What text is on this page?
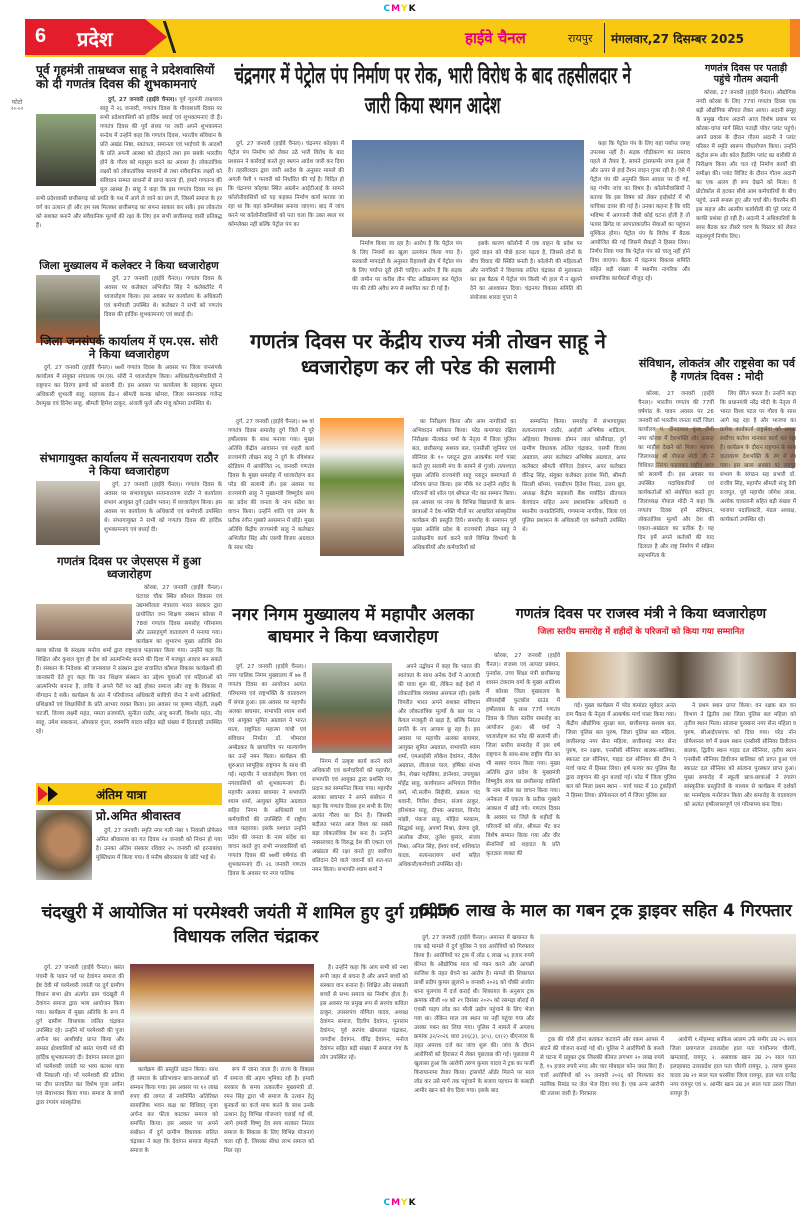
CMYK
6 प्रदेश	हाईवे चैनल	रायपुर मंगलवार,27 दिसम्बर 2025
फोटो
२०-०२
पूर्व गृहमंत्री ताम्रध्वज साहू ने प्रदेशवासियों को दी गणतंत्र दिवस की शुभकामनाएं

दुर्ग, 27 जनवरी (हाईवे चैनल)। पूर्व गृहमंत्री ताम्रध्वज साहू ने २६ जनवरी, गणतंत्र दिवस के गौरवशाली दिवस पर सभी प्रदेशवासियों को हार्दिक बधाई एवं शुभकामनाएं दी हैं। गणतंत्र दिवस की पूर्व संध्या पर जारी अपने शुभकामना सन्देश में उन्होंने कहा कि गणतंत्र दिवस, भारतीय संविधान के प्रति अखंड निष्ठा, स्वतंत्रता, समानता एवं भाईचारे के आदर्शों के प्रति अपनी आस्था को दोहराने तथा हम सबके भारतीय होने के गौरव को महसूस करने का अवसर है। लोकतांत्रिक लक्ष्यों को लोकतांत्रिक माध्यमों से तथा संवैधानिक लक्ष्यों को संविधान सम्मत साधनों से प्राप्त करना ही, हमारे गणतन्त्र की मूल आस्था है। साहू ने कहा कि इस गणतंत्र दिवस पर हम सभी प्रदेशवासी छत्तीसगढ़ को प्रगति के पथ में आगे ले जाने का प्रण लें, जिसमें समाज के हर वर्ग का उत्थान हो और हम सब मिलकर छत्तीसगढ़ का सपना साकार कर सकें। इस लोकतंत्र को सशक्त बनाने और संवैधानिक मूल्यों की रक्षा के लिए हम सभी छत्तीसगढ़ वासी प्रतिबद्ध हैं।

जिला मुख्यालय में कलेक्टर ने किया ध्वजारोहण

दुर्ग, 27 जनवरी (हाईवे चैनल)। गणतंत्र दिवस के अवसर पर कलेक्टर अभिजीत सिंह ने कलेक्टोरेट में ध्वजारोहण किया। इस अवसर पर कार्यालय के अधिकारी एवं कर्मचारी उपस्थित थे। कलेक्टर ने सभी को गणतंत्र दिवस की हार्दिक शुभकामनाएं एवं बधाई दी।

जिला जनसंपर्क कार्यालय में एम.एस. सोरी ने किया ध्वजारोहण

दुर्ग, 27 जनवरी (हाईवे चैनल)। ७७वें गणतंत्र दिवस के अवसर पर जिला जनसंपर्क कार्यालय में संयुक्त संचालक एम.एस. सोरी ने ध्वजारोहण किया। अधिकारी/कर्मचारियों ने राष्ट्रगान कर तिरंगा झण्डे को सलामी दी। इस अवसर पर कार्यालय के सहायक सूचना अधिकारी शुभाली साहू, सहायक ग्रेड-२ श्रीमती कनक कोमरा, जिला समन्वयक गजेन्द्र देशमुख एवं दिनेश साहू, श्रीमती हिमेश ठाकुर, अंजली फूले और मंजू कोमरा उपस्थित थे।

संभागायुक्त कार्यालय में सत्यनारायण राठौर ने किया ध्वजारोहण

दुर्ग, 27 जनवरी (हाईवे चैनल)। गणतंत्र दिवस के अवसर पर संभागायुक्त सत्यनारायण राठौर ने कार्यालय संभाग आयुक्त दुर्ग (उद्योग भवन) में ध्वजारोहण किया। इस अवसर पर कार्यालय के अधिकारी एवं कर्मचारी उपस्थित थे। संभागायुक्त ने सभी को गणतंत्र दिवस की हार्दिक शुभकामनाएं एवं बधाई दी।

गणतंत्र दिवस पर जेएसएस में हुआ ध्वजारोहण

कोरबा, 27 जनवरी (हाईवे चैनल)। घंटाघर चौक स्थित कौशल विकास एवं उद्यमशीलता मंत्रालय भारत सरकार द्वारा प्रायोजित जन शिक्षण संस्थान कोरबा में 78वां गणतंत्र दिवस समारोह गरिमामय और उत्साहपूर्ण वातावरण में मनाया गया। कार्यक्रम का शुभारंभ मुख्य अतिथि प्रेस क्लब कोरबा के संरक्षक मनोज शर्मा द्वारा राष्ट्रध्वज फहराकर किया गया। उन्होंने कहा कि शिक्षित और कुशल युवा ही देश को आत्मनिर्भर बनाने की दिशा में मजबूत आधार बन सकते हैं। संस्थान के निदेशक श्री जानस्वाल ने संस्थान द्वारा संचालित कौशल विकास कार्यक्रमों की जानकारी देते हुए कहा कि जन शिक्षण संस्थान का उद्देश्य युवाओं एवं महिलाओं को आत्मनिर्भर बनाना है, ताकि वे अपने पैरों पर खड़े होकर समाज और राष्ट्र के विकास में योगदान दे सकें। कार्यक्रम के अंत में परियोजना अधिकारी सावित्री जेना ने सभी अतिथियों, प्रशिक्षकों एवं शिक्षार्थियों के प्रति आभार व्यक्त किया। इस अवसर पर कृष्णा मोहंती, लक्ष्मी चटर्जी, विजय लक्ष्मी महंत, ममता प्रजापति, सुनीता राठौर, अंजू बनर्जी, किशोर महंत, नोंद साहू, उमेश मकवाना, ओमकार गुप्ता, रुक्मणि यादव सहित बड़ी संख्या में हितग्राही उपस्थित रहे।

अंतिम यात्रा
प्रो.अमित श्रीवास्तव

दुर्ग, 27 जनवरी। स्मृति नगर गली नंबर ९ निवासी प्रोफेसर अमित श्रीवास्तव का गत दिवस २४ जनवरी को निधन हो गया है। उनका अंतिम संस्कार रविवार २५ जनवरी को हरनाबांधा मुक्तिधाम में किया गया। वे मनीष श्रीवास्तव के छोटे भाई थे।

चंद्रनगर में पेट्रोल पंप निर्माण पर रोक, भारी विरोध के बाद तहसीलदार ने जारी किया स्थगन आदेश

दुर्ग, 27 जनवरी (हाईवे चैनल)। चंद्रनगर कोहका में पेट्रोल पंप निर्माण को लेकर उठे भारी विरोध के बाद प्रशासन ने कार्रवाई करते हुए स्थगन आदेश जारी कर दिया है। तहसीलदार द्वारा जारी आदेश के अनुसार मामले की अगली पेशी ९ फरवरी को निर्धारित की गई है। विदित हो कि चंद्रनगर कोहका स्थित अग्रसेन आईटीआई के सामने कॉलोनीवासियों को यह कहकर निर्माण कार्य कराया जा रहा था कि यहां कॉम्प्लेक्स बनाया जाएगा। बाद में जांच करने पर कॉलोनीवासियों को पता चला कि उक्त स्थल पर कॉम्प्लेक्स नहीं बल्कि पेट्रोल पंप का

निर्माण किया जा रहा है। आरोप है कि पेट्रोल पंप के लिए नियमों का खुला उल्लंघन किया गया है। सरकारी मापदंडों के अनुसार रिहायशी क्षेत्र में पेट्रोल पंप के लिए पर्याप्त दूरी होनी चाहिए। आरोप है कि सड़क की जमीन पर करीब तीन फीट अतिक्रमण कर पेट्रोल पंप की टंकी अवैध रूप से स्थापित कर दी गई है।

इसके कारण कॉलोनी में एक वाहन के प्रवेश पर दूसरे वाहन को पीछे हटना पड़ता है, जिससे दोनों के बीच विवाद की स्थिति बनती है। कॉलोनी की महिलाओं और नागरिकों ने विधायक ललित चंद्राकर से मुलाकात कर इस बैठक में पेट्रोल पंप किसी भी हाल में न खुलने देने का आश्वासन दिया। चंद्रनगर विकास समिति की संयोजक शारदा गुप्ता ने

कहा कि पेट्रोल पंप के लिए यहां पर्याप्त जगह उपलब्ध नहीं है। सड़क चौड़ीकरण का प्रस्ताव पहले से तैयार है, सामने ट्रांसफार्मर लगा हुआ है और ऊपर से हाई टेंशन लाइन गुजर रही है। ऐसे में पेट्रोल पंप की अनुमति किस आधार पर दी गई, यह गंभीर जांच का विषय है। कॉलोनीवासियों ने बताया कि इस विषय को लेकर हाईकोर्ट में भी याचिका दायर की गई है। उनका कहना है कि यदि भविष्य में आगजनी जैसी कोई घटना होती है तो फायर ब्रिगेड या आपातकालीन सेवाओं का पहुंचना मुश्किल होगा। पेट्रोल पंप के विरोध में बैठक आयोजित की गई जिसमें सैकड़ों ने हिस्सा लिया। निर्णय लिया गया कि पेट्रोल पंप को चालू नहीं होने दिया जाएगा। बैठक में चंद्रनगर विकास समिति सहित बड़ी संख्या में स्थानीय नागरिक और सामाजिक कार्यकर्ता मौजूद रहे।

गणतंत्र दिवस पर पताड़ी पहुंचे गौतम अदानी

कोरबा, 27 जनवरी (हाईवे चैनल)। औद्योगिक नगरी कोरबा के लिए 77वां गणतंत्र दिवस एक बड़ी औद्योगिक सौगात लेकर आया। अदानी समूह के प्रमुख गौतम अदानी आज विशेष प्रवास पर कोरबा-चांपा मार्ग स्थित पताड़ी पॉवर प्लांट पहुंचे। अपने प्रवास के दौरान गौतम अदानी ने प्लांट परिसर में स्मृति स्वरूप पौधारोपण किया। उन्होंने कंट्रोल रूम और कोल हैंडलिंग प्लांट का बारीकी से निरीक्षण किया और चल रहे निर्माण कार्यों की समीक्षा की। प्लांट विजिट के दौरान गौतम अदानी का एक अलग ही रूप देखने को मिला। वे प्रोटोकॉल से हटकर सीधे आम कर्मचारियों के बीच पहुंचे, उनसे रूबरू हुए और चर्चा की। चेयरमैन की इस सहज और आत्मीय कार्यशैली की पूरे प्लांट में काफी प्रशंसा हो रही है। अदानी ने अधिकारियों के साथ बैठक कर तीसरे चरण के विस्तार को लेकर महत्वपूर्ण निर्णय लिए।

गणतंत्र दिवस पर केंद्रीय राज्य मंत्री तोखन साहू ने ध्वजारोहण कर ली परेड की सलामी

दुर्ग, 27 जनवरी (हाईवे चैनल)। ७७ वां गणतंत्र दिवस समारोह दुर्ग जिले में पूरे हर्षोल्लास के साथ मनाया गया। मुख्य अतिथि केंद्रीय आवासन एवं शहरी कार्य राज्यमंत्री तोखन साहू ने दुर्ग के रविशंकर स्टेडियम में आयोजित २६ जनवरी गणतंत्र दिवस के मुख्य समारोह में ध्वजारोहण कर परेड की सलामी ली। इस अवसर पर राज्यमंत्री साहू ने मुख्यमंत्री विष्णुदेव साय का प्रदेश की जनता के नाम संदेश का वाचन किया। उन्होंने शांति एवं उमंग के प्रतीक रंगीन गुब्बारे आसमान में छोड़े। मुख्य अतिथि केंद्रीय राज्यमंत्री साहू ने कलेक्टर अभिजीत सिंह और एसपी विजय अग्रवाल के साथ परेड

का निरीक्षण किया और आम नागरिकों का अभिवादन स्वीकार किया। परेड कमाण्डर रक्षित निरीक्षक नीलकंठ वर्मा के नेतृत्व में जिला पुलिस बल, छत्तीसगढ़ सशस्त्र बल, एनसीसी जूनियर एवं सीनियर के १० प्लाटून द्वारा आकर्षक मार्च पास्ट करते हुए सलामी मंच के सामने से गुजरे। तत्पश्चात मुख्य अतिथि राज्यमंत्री साहू प्लाटून कमाण्डरों से परिचय प्राप्त किया। इस मौके पर उन्होंने शहीद के परिजनों को शॉल एवं श्रीफल भेंट कर सम्मान किया। इस अवसर पर नगर के विभिन्न विद्यालयों के छात्र-छात्राओं ने देश-भक्ति गीतों पर आधारित सांस्कृतिक कार्यक्रम की प्रस्तुति दिये। समारोह के समापन पूर्व मुख्य अतिथि प्रदेश के राज्यमंत्री तोखन साहू ने उल्लेखनीय कार्य करने वाले विभिन्न विभागों के अधिकारियों और कर्मचारियों को

सम्मानित किया। समारोह में संभागायुक्त सत्यनारायण राठौर, आईजी अभिषेक शांडिल्य, अहिवारा विधायक डोमन लाल कोर्सेवाड़ा, दुर्ग ग्रामीण विधायक ललित चंद्राकर, एसपी विजय अग्रवाल, अपर कलेक्टर अभिषेक अग्रवाल, अपर कलेक्टर श्रीमती योगिता देवांगन, अपर कलेक्टर वीरेन्द्र सिंह, संयुक्त कलेक्टर हरवंश मिरी, श्रीमती सिल्ली थॉमस, एसडीएम हितेश पिस्दा, उत्तम ध्रुव, अध्यक्ष केंद्रीय सहकारी बैंक मर्यादित प्रीतपाल बेलचंदन सहित अन्य प्रशासनिक अधिकारी व स्थानीय जनप्रतिनिधि, गणमान्य नागरिक, जिला एवं पुलिस प्रशासन के अधिकारी एवं कर्मचारी उपस्थित थे।

संविधान, लोकतंत्र और राष्ट्रसेवा का पर्व है गणतंत्र दिवस : मोदी

कोरबा, 27 जनवरी (हाईवे चैनल)। भारतीय गणतंत्र की 77वीं वर्षगांठ के पावन अवसर पर 26 जनवरी को भारतीय जनता पार्टी जिला कार्यालय पं. दीनदयाल कुंज टीपी नगर कोरबा में देशभक्ति और उत्साह का माहौल देखने को मिला। भाजपा जिलाध्यक्ष श्री गोपाल मोदी जी ने विधिवत तिरंगा फहराकर राष्ट्रीय ध्वज को सलामी दी। इस अवसर पर उपस्थित पदाधिकारियों एवं कार्यकर्ताओं को संबोधित करते हुए जिलाध्यक्ष गोपाल मोदी ने कहा कि गणतंत्र दिवस हमें संविधान, लोकतांत्रिक मूल्यों और देश की एकता-अखंडता का प्रतीक है। यह दिन हमें अपने कर्तव्यों की याद दिलाता है और राष्ट्र निर्माण में सक्रिय सहभागिता के

लिए प्रेरित करता है। उन्होंने कहा कि प्रधानमंत्री नरेंद्र मोदी के नेतृत्व में भारत विश्व पटल पर गौरव के साथ आगे बढ़ रहा है और भाजपा का प्रत्येक कार्यकर्ता राष्ट्रसेवा को अपना सर्वोच्च कर्तव्य मानकर कार्य कर रहा है। कार्यक्रम के दौरान राष्ट्रगान के साथ वातावरण देशभक्ति के रंग में रंग गया। इस खास अवसर पर रायपुर संभाग के संगठन सह प्रभारी डॉ. राजीव सिंह, महापौर श्रीमती संजू देवी राजपूत, पूर्व महापौर जोगेश लांबा, अशोक चावलानी सहित बड़ी संख्या में भाजपा पदाधिकारी, मंडल अध्यक्ष, कार्यकर्ता उपस्थित रहे।

नगर निगम मुख्यालय में महापौर अलका बाघमार ने किया ध्वजारोहण

दुर्ग, 27 जनवरी (हाईवे चैनल)। नगर पालिक निगम मुख्यालय में ७७ वें गणतंत्र दिवस का आयोजन अत्यंत गरिमामय एवं राष्ट्रभक्ति के वातावरण में संपन्न हुआ। इस अवसर पर महापौर अलका बाघमार, सभापति श्याम शर्मा एवं आयुक्त सुमित अग्रवाल ने भारत माता, राष्ट्रपिता महात्मा गांधी एवं संविधान निर्माता डॉ. भीमराव अम्बेडकर के छायाचित्र पर माल्यार्पण कर उन्हें नमन किया। कार्यक्रम की शुरुआत सामूहिक राष्ट्रगान के साथ की गई। महापौर ने ध्वजारोहण किया एवं नगरवासियों को शुभकामनाएं दी। महापौर अलका बाघमार ने सभापति श्याम शर्मा, आयुक्त सुमित अग्रवाल सहित निगम के अधिकारी एवं कर्मचारियों की उपस्थिति में राष्ट्रीय ध्वज फहराया। इसके पश्चात उन्होंने प्रदेश की जनता के नाम संदेश का वाचन करते हुए सभी नगरवासियों को गणतंत्र दिवस की ७७वीं वर्षगांठ की शुभकामनाएं दीं। २६ जनवरी गणतंत्र दिवस के अवसर पर नगर पालिक

निगम में उत्कृष्ट कार्य करने वाले अधिकारी एवं कर्मचारियों को महापौर, सभापति एवं आयुक्त द्वारा प्रशस्ति पत्र प्रदान कर सम्मानित किया गया। महापौर अलका बाघमार ने अपने संबोधन में कहा कि गणतंत्र दिवस हम सभी के लिए अत्यंत गौरव का दिन है। जिसकी बदौलत भारत आज विश्व का सबसे बड़ा लोकतांत्रिक देश बना है। उन्होंने नक्सलवाद के विरुद्ध देश की एकता एवं अखंडता की रक्षा करते हुए सर्वोच्च बलिदान देने वाले जवानों को शत-शत नमन किया। सभापति श्याम शर्मा ने

अपने उद्बोधन में कहा कि भारत की स्वतंत्रता के साथ अनेक देशों ने आजादी की यात्रा शुरू की, लेकिन कई देशों में लोकतांत्रिक व्यवस्था असफल रही। इसके विपरीत भारत अपने सशक्त संविधान और लोकतांत्रिक मूल्यों के बल पर न केवल मजबूती से खड़ा है, बल्कि निरंतर प्रगति के नए आयाम छू रहा है। इस अवसर पर महापौर अलका बाघमार, आयुक्त सुमित अग्रवाल, सभापति श्याम शर्मा, एमआईसी लोकेश देवांगन, नीलेश अग्रवाल, लीलाधर पाल, हर्षिका संभव जैन, शेखर महोबिया, ज्ञानेश्वर, उपायुक्त मोहेंद्र साहू, कार्यपालन अभियंता गिरीश वर्मा, मो.सलीम सिद्दीकी, प्रकाश चंद थवानी, गिरीश दीवान, संजय ठाकुर, हरिशंकर साहू, दीपक अग्रवाल, विनोद मांझी, पंकज साहू, मोहित मरकाम, सिद्धार्थ साहू, अपर्णा मिश्रा, प्रेरणा दुबे, आलोक ढीमर, तुलेश कुमार, संजय मिश्रा, अनिल सिंह, ईश्वर वर्मा, शशिकांत यादव, सत्यनारायण शर्मा सहित अधिकारी/कर्मचारी उपस्थित रहे।

गणतंत्र दिवस पर राजस्व मंत्री ने किया ध्वजारोहण
जिला स्तरीय समारोह में शहीदों के परिजनों को किया गया सम्मानित

कोरबा, 27 जनवरी (हाईवे चैनल)। राजस्व एवं आपदा प्रबंधन, पुनर्वास, उच्च शिक्षा मंत्री छत्तीसगढ़ शासन टंकराम वर्मा के मुख्य आतिथ्य में कोरबा जिला मुख्यालय के सीएसईबी फुटबॉल ग्राउंड में हर्षोल्लास के साथ 77वें गणतंत्र दिवस के जिला स्तरीय समारोह का आयोजन हुआ। श्री वर्मा ने ध्वजारोहण कर परेड की सलामी ली। जिला स्तरीय समारोह में इस वर्ष राष्ट्रगान के साथ-साथ राष्ट्रीय गीत का भी सस्वर गायन किया गया। मुख्य अतिथि द्वारा प्रदेश के मुख्यमंत्री विष्णुदेव साय का छत्तीसगढ़ वासियों के नाम संदेश का वाचन किया गया। अनेकता में एकता के प्रतीक गुब्बारे आकाश में छोड़े गये। गणतंत्र दिवस के अवसर पर जिले के शहीदों के परिजनों को शॉल, श्रीफल भेंट कर विशेष सम्मान किया गया और वीर सेनानियों को शहादत के प्रति कृतज्ञता व्यक्त की

गई। मुख्य कार्यक्रम में परेड कमांडर सूबेदार अनंत राम पैंकरा के नेतृत्व में आकर्षक मार्च पास्ट किया गया। केंद्रीय औद्योगिक सुरक्षा बल, छत्तीसगढ़ सशस्त्र बल, जिला पुलिस बल पुरुष, जिला पुलिस बल महिला, छत्तीसगढ़ नगर सेना महिला, छत्तीसगढ़ नगर सेना पुरुष, वन रक्षक, एनसीसी सीनियर बालक-बालिका, स्काउट दल सीनियर, गाइड दल सीनियर की टीम ने मार्च पास्ट में हिस्सा लिया। हर्ष फायर कर पुलिस बैंड द्वारा राष्ट्रगान की धुन बजाई गई। परेड में जिला पुलिस बल को मिला प्रथम स्थान - मार्च पास्ट में 10 टुकड़ियों ने हिस्सा लिया। प्रोफेशनल वर्ग में जिला पुलिस बल

ने प्रथम स्थान प्राप्त किया। वन रक्षक बल वन विभाग ने द्वितीय तथा जिला पुलिस बल महिला को तृतीय स्थान मिला। सांत्वना पुरस्कार नगर सेना महिला व पुरुष, सीआईएसएफ को दिया गया। परेड नॉन प्रोफेशनल वर्ग में प्रथम स्थान एनसीसी सीनियर डिवीजन बालक, द्वितीय स्थान गाइड दल सीनियर, तृतीय स्थान एनसीसी सीनियर डिवीजन बालिका को प्राप्त हुआ एवं स्काउट दल सीनियर को सांत्वना पुरस्कार प्राप्त हुआ। मुख्य समारोह में स्कूली छात्र-छात्राओं ने रंगारंग सांस्कृतिक प्रस्तुतियों के माध्यम से कार्यक्रम में दर्शकों का मनमोहक मनोरंजन किया और समारोह के वातावरण को अत्यंत हर्षोल्लासपूर्ण एवं गरिमामय बना दिया।

चंदखुरी में आयोजित मां परमेश्वरी जयंती में शामिल हुए दुर्ग ग्रामीण विधायक ललित चंद्राकर

दुर्ग, 27 जनवरी (हाईवे चैनल)। बसंत पंचमी के पावन पर्व पर देवांगन समाज की ईष्ट देवी माँ परमेश्वरी जयंती पर दुर्ग ग्रामीण विधान सभा क्षेत्र अंतर्गत ग्राम चंदखुरी में देवांगन समाज द्वारा भव्य आयोजन किया गया। कार्यक्रम में मुख्य अतिथि के रूप में दुर्ग ग्रामीण विधायक ललित चंद्राकर उपस्थित रहे। उन्होंने माँ परमेश्वरी की पूजा अर्चना कर आशीर्वाद प्राप्त किया और समस्त क्षेत्रवासियों को बसंत पंचमी पर्व की हार्दिक शुभकामनाएं दी। देवांगन समाज द्वारा माँ परमेश्वरी जयंती पर भव्य कलश यात्रा भी निकाली गई। माँ परमेश्वरी की प्रतिमा पर दीप प्रज्वलित कर विशेष पूजा अर्चना एवं सेवाभजन किया गया। समाज के बच्चों द्वारा रंगारंग सांस्कृतिक

कार्यक्रम की प्रस्तुति प्रदान किया। साथ ही समाज के प्रतिभावान छात्र-छात्राओं को सम्मान किया गया। इस अवसर पर १२ लाख रुपए की लागत से नवनिर्मित अतिरिक्त सामाजिक भवन कक्ष का विधिवत् पूजा अर्चना कर फीता काटकर समाज को समर्पित किया। इस अवसर पर अपने संबोधन में दुर्ग ग्रामीण विधायक ललित चंद्राकर ने कहा कि देवांगन समाज मेहनती समाज के

रूप में जाना जाता है। राज्य के विकास में समाज की अहम भूमिका रही है। हमारी सरकार के समय तत्कालीन मुख्यमंत्री डॉ. रमन सिंह द्वारा भी समाज के उत्थान हेतु बुनकरों का कर्ज माफ करने के साथ उनके उत्थान हेतु विभिन्न योजनाएं चलाई गई थीं, आगे हमारी विष्णु देव साय सरकार निरंतर समाज के विकास के लिए विभिन्न योजनाएं चला रही हैं, जिसका सीधा लाभ समाज को मिल रहा

है। उन्होंने कहा कि आप सभी को नशा रूपी जहर से बचना है और अपने बच्चों को संस्कार वान बनाना है। शिक्षित और संस्कारी बच्चों से सभ्य समाज का निर्माण होता है। इस अवसर पर प्रमुख रूप से सरपंच कविता ठाकुर, उपसरपंच योगिता यादव, अध्यक्ष देवांगन समाज, दिलीप देवांगन, पुनाराम देवांगन, पूर्व सरपंच खेमलाल चंद्राकर, जगदीश देवांगन, वीरेंद्र देवांगन, मनोज देवांगन सहित बड़ी संख्या में समाज गंगा के लोग उपस्थित रहे।

6.56 लाख के माल का गबन ट्रक ड्राइवर सहित 4 गिरफ्तार

दुर्ग, 27 जनवरी (हाईवे चैनल)। अमानत में खयानत के एक बड़े मामले में दुर्ग पुलिस ने चार आरोपियों को गिरफ्तार किया है। आरोपियों पर ट्रक में लोड ६ लाख ५६ हजार रुपये कीमत के औद्योगिक माल को गबन करने और आपसी साजिश के तहत बेचने का आरोप है। मामले की शिकायत प्रार्थी प्रदीप कुमार झुलाने ७ जनवरी २०२६ को चौकी अंजोरा थाना पुलगांव में दर्ज कराई थी। शिकायत के अनुसार ट्रक क्रमांक सीजी ०४ को २९ दिसंबर २०२५ को रसमड़ा बोराई से एचसी पाइप लोड कर मौली उद्योग पहुंचाने के लिए भेजा गया था। लेकिन माल तय स्थान पर नहीं पहुंचा गया और उसका गबन कर लिया गया। पुलिस ने मामले में अपराध क्रमांक ३२/२०२६ धारा ३१६(३), ३(५), ६१(२) बीएनएस के तहत अपराध दर्ज कर जांच शुरू की। जांच के दौरान आरोपियों को हिरासत में लेकर पूछताछ की गई। पूछताछ में खुलासा हुआ कि आरोपी तरुण कुमार यादव ने ट्रक का फर्जी किरायानामा तैयार किया। ट्रांसपोर्ट ऑर्डर मिलने पर माल लोड कर उसे मार्ग तक पहुंचाने के बजाय पहचान के कबाड़ी आमीर खान को बेच दिया गया। इसके बाद

ट्रक की चोरी होना बताकर कटवाने और रकम आपस में बांटने की योजना बनाई गई थी। पुलिस ने आरोपियों के कब्जे से घटना में प्रयुक्त ट्रक जिसकी कीमत लगभग २० लाख रुपये है, १५ हजार रुपये नगद और चार मोबाइल फोन जब्त किए हैं। चारों आरोपियों को २५ जनवरी २०२६ को गिरफ्तार कर न्यायिक रिमांड पर जेल भेज दिया गया है। एक अन्य आरोपी की तलाश जारी है। गिरफ्तार

आरोपी १.मोहम्मद साकिब आलम उर्फ समीर उम्र २५ साल जिला प्रयागराज उत्तरप्रदेश हाल पता गांधीनगर चौरंगी, खमतराई, रायपुर, २. असवाक खान उम्र २५ साल पता इलाहाबाद उत्तरप्रदेश हाल पता चौरंगी रायपुर, ३. तरुण कुमार यादव उम्र २१ साल पता धरसींवा जिला रायपुर, हाल पता राजेंद्र नगर रायपुर एवं ४. आमीर खान उम्र ३१ साल पता उरला जिला रायपुर है।

CMYK
